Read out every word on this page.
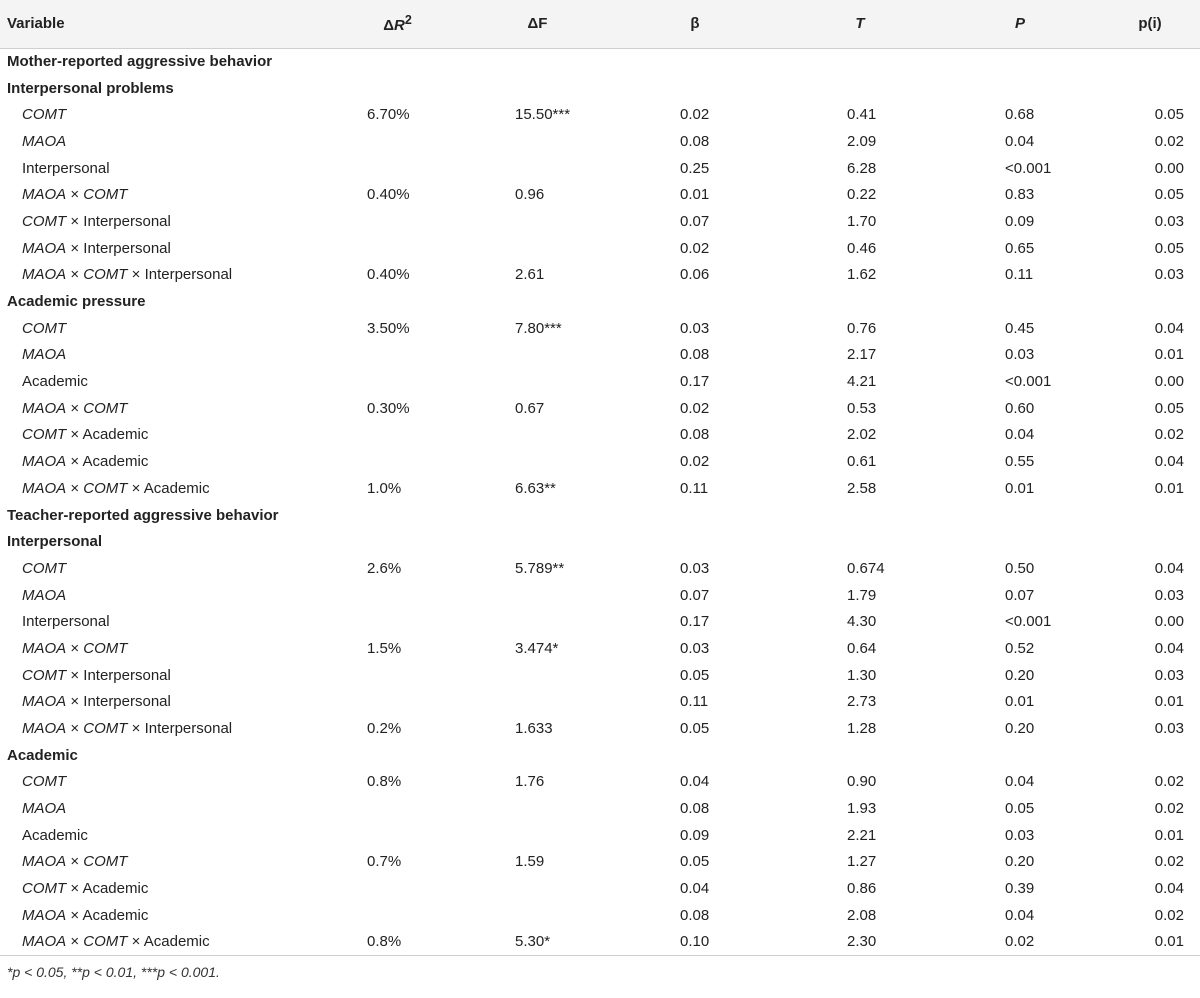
Variable	$\Delta R^2$	ΔF	β	T	P	p(i)
Mother-reported aggressive behavior						
Interpersonal problems						
COMT	6.70%	15.50***	0.02	0.41	0.68	0.05
MAOA			0.08	2.09	0.04	0.02
Interpersonal			0.25	6.28	<0.001	0.00
MAOA × COMT	0.40%	0.96	0.01	0.22	0.83	0.05
COMT × Interpersonal			0.07	1.70	0.09	0.03
MAOA × Interpersonal			0.02	0.46	0.65	0.05
MAOA × COMT × Interpersonal	0.40%	2.61	0.06	1.62	0.11	0.03
Academic pressure						
COMT	3.50%	7.80***	0.03	0.76	0.45	0.04
MAOA			0.08	2.17	0.03	0.01
Academic			0.17	4.21	<0.001	0.00
MAOA × COMT	0.30%	0.67	0.02	0.53	0.60	0.05
COMT × Academic			0.08	2.02	0.04	0.02
MAOA × Academic			0.02	0.61	0.55	0.04
MAOA × COMT × Academic	1.0%	6.63**	0.11	2.58	0.01	0.01
Teacher-reported aggressive behavior						
Interpersonal						
COMT	2.6%	5.789**	0.03	0.674	0.50	0.04
MAOA			0.07	1.79	0.07	0.03
Interpersonal			0.17	4.30	<0.001	0.00
MAOA × COMT	1.5%	3.474*	0.03	0.64	0.52	0.04
COMT × Interpersonal			0.05	1.30	0.20	0.03
MAOA × Interpersonal			0.11	2.73	0.01	0.01
MAOA × COMT × Interpersonal	0.2%	1.633	0.05	1.28	0.20	0.03
Academic						
COMT	0.8%	1.76	0.04	0.90	0.04	0.02
MAOA			0.08	1.93	0.05	0.02
Academic			0.09	2.21	0.03	0.01
MAOA × COMT	0.7%	1.59	0.05	1.27	0.20	0.02
COMT × Academic			0.04	0.86	0.39	0.04
MAOA × Academic			0.08	2.08	0.04	0.02
MAOA × COMT × Academic	0.8%	5.30*	0.10	2.30	0.02	0.01
*p < 0.05, **p < 0.01, ***p < 0.001.
